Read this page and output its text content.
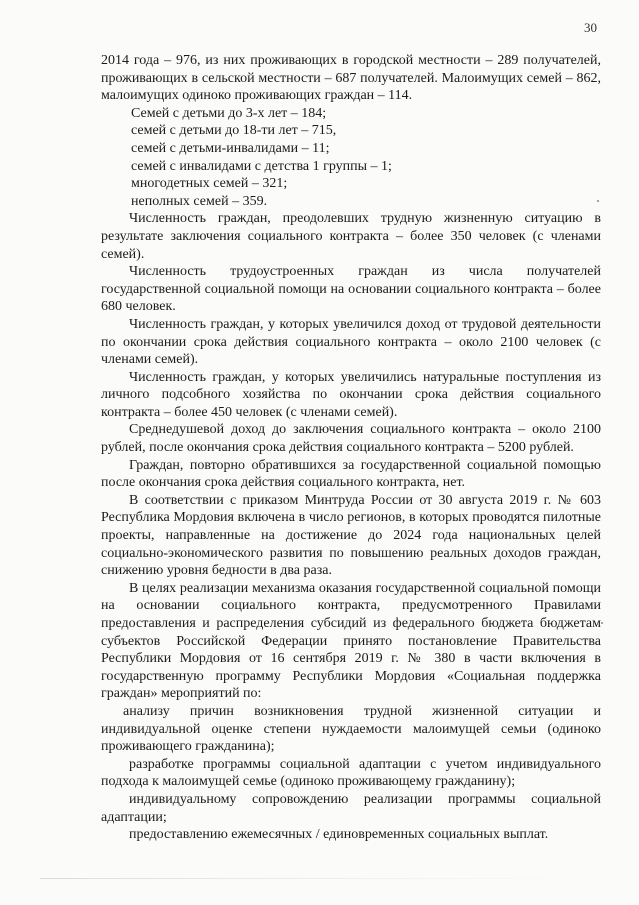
30

2014 года – 976, из них проживающих в городской местности – 289 получателей, проживающих в сельской местности – 687 получателей. Малоимущих семей – 862, малоимущих одиноко проживающих граждан – 114.

Семей с детьми до 3-х лет – 184;
семей с детьми до 18-ти лет – 715,
семей с детьми-инвалидами – 11;
семей с инвалидами с детства 1 группы – 1;
многодетных семей – 321;
неполных семей – 359.

Численность граждан, преодолевших трудную жизненную ситуацию в результате заключения социального контракта – более 350 человек (с членами семей).

Численность трудоустроенных граждан из числа получателей государственной социальной помощи на основании социального контракта – более 680 человек.

Численность граждан, у которых увеличился доход от трудовой деятельности по окончании срока действия социального контракта – около 2100 человек (с членами семей).

Численность граждан, у которых увеличились натуральные поступления из личного подсобного хозяйства по окончании срока действия социального контракта – более 450 человек (с членами семей).

Среднедушевой доход до заключения социального контракта – около 2100 рублей, после окончания срока действия социального контракта – 5200 рублей.

Граждан, повторно обратившихся за государственной социальной помощью после окончания срока действия социального контракта, нет.

В соответствии с приказом Минтруда России от 30 августа 2019 г. № 603 Республика Мордовия включена в число регионов, в которых проводятся пилотные проекты, направленные на достижение до 2024 года национальных целей социально-экономического развития по повышению реальных доходов граждан, снижению уровня бедности в два раза.

В целях реализации механизма оказания государственной социальной помощи на основании социального контракта, предусмотренного Правилами предоставления и распределения субсидий из федерального бюджета бюджетам субъектов Российской Федерации принято постановление Правительства Республики Мордовия от 16 сентября 2019 г. № 380 в части включения в государственную программу Республики Мордовия «Социальная поддержка граждан» мероприятий по:

анализу причин возникновения трудной жизненной ситуации и индивидуальной оценке степени нуждаемости малоимущей семьи (одиноко проживающего гражданина);

разработке программы социальной адаптации с учетом индивидуального подхода к малоимущей семье (одиноко проживающему гражданину);

индивидуальному сопровождению реализации программы социальной адаптации;

предоставлению ежемесячных / единовременных социальных выплат.
